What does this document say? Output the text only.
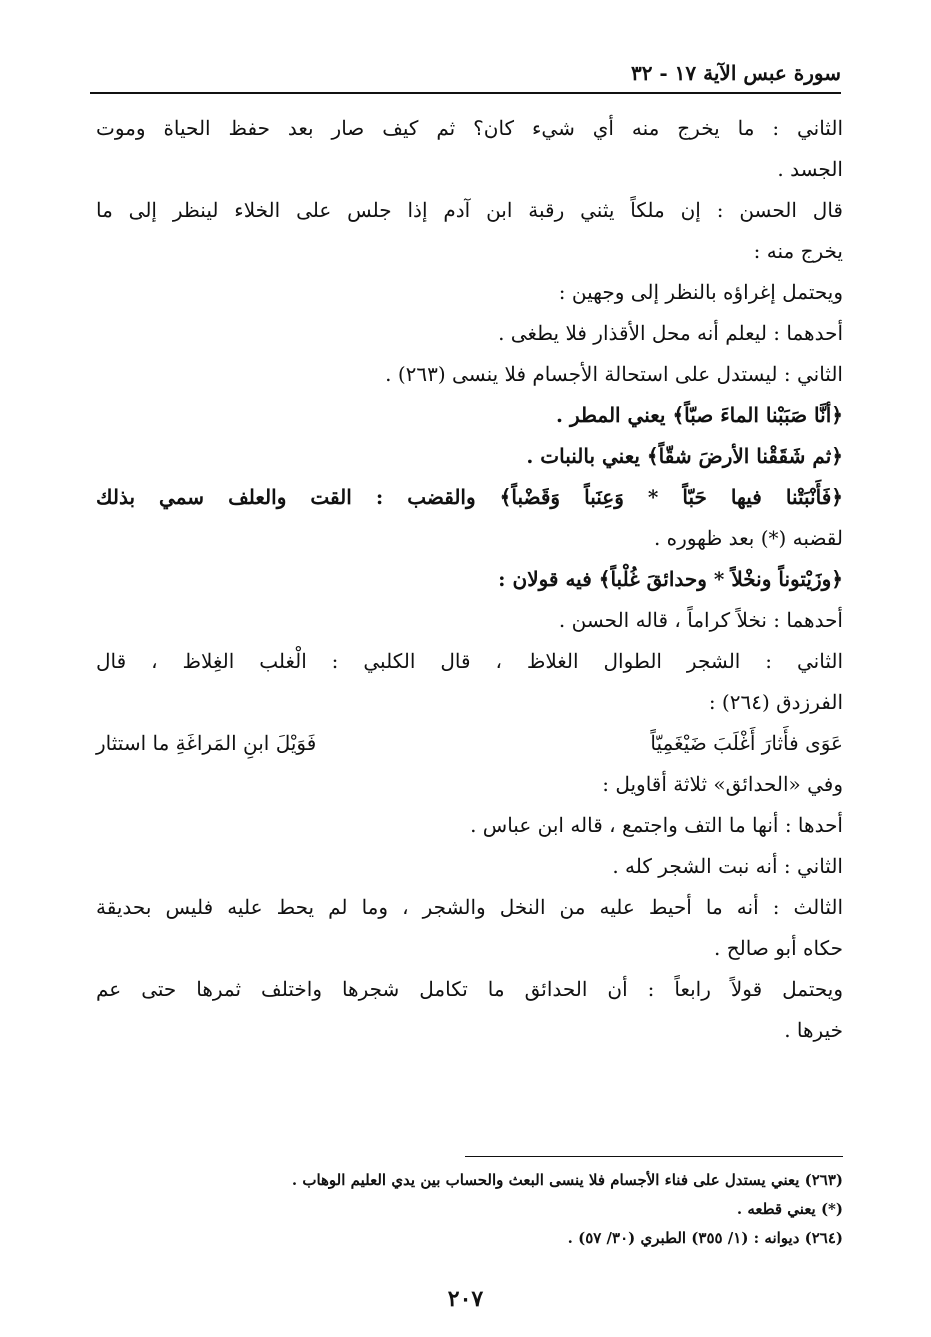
سورة عبس الآية ١٧ - ٣٢
الثاني : ما يخرج منه أي شيء كان؟ ثم كيف صار بعد حفظ الحياة وموت
الجسد .
قال الحسن : إن ملكاً يثني رقبة ابن آدم إذا جلس على الخلاء لينظر إلى ما
يخرج منه :
ويحتمل إغراؤه بالنظر إلى وجهين :
أحدهما : ليعلم أنه محل الأقذار فلا يطغى .
الثاني : ليستدل على استحالة الأجسام فلا ينسى (٢٦٣) .
﴿أنَّا صَبَبْنا الماءَ صبّاً﴾ يعني المطر .
﴿ثم شَقَقْنا الأرضَ شقّاً﴾ يعني بالنبات .
﴿فَأَنْبَتْنا فيها حَبّاً * وَعِنَباً وَقَضْباً﴾ والقضب : القت والعلف سمي بذلك
لقضبه (*) بعد ظهوره .
﴿وزَيْتوناً ونخْلاً * وحدائقَ غُلْباً﴾ فيه قولان :
أحدهما : نخلاً كراماً ، قاله الحسن .
الثاني : الشجر الطوال الغلاظ ، قال الكلبي : الْغلب الغِلاظ ، قال
الفرزدق (٢٦٤) :
عَوَى فأَثارَ أَغْلَبَ ضَيْغَمِيّاً
فَوَيْلَ ابنِ المَراغَةِ ما استثار
وفي «الحدائق» ثلاثة أقاويل :
أحدها : أنها ما التف واجتمع ، قاله ابن عباس .
الثاني : أنه نبت الشجر كله .
الثالث : أنه ما أحيط عليه من النخل والشجر ، وما لم يحط عليه فليس بحديقة
حكاه أبو صالح .
ويحتمل قولاً رابعاً : أن الحدائق ما تكامل شجرها واختلف ثمرها حتى عم
خيرها .
(٢٦٣) يعني يستدل على فناء الأجسام فلا ينسى البعث والحساب بين يدي العليم الوهاب .
(*) يعني قطعه .
(٢٦٤) ديوانه : (١/ ٣٥٥) الطبري (٣٠/ ٥٧) .
٢٠٧
